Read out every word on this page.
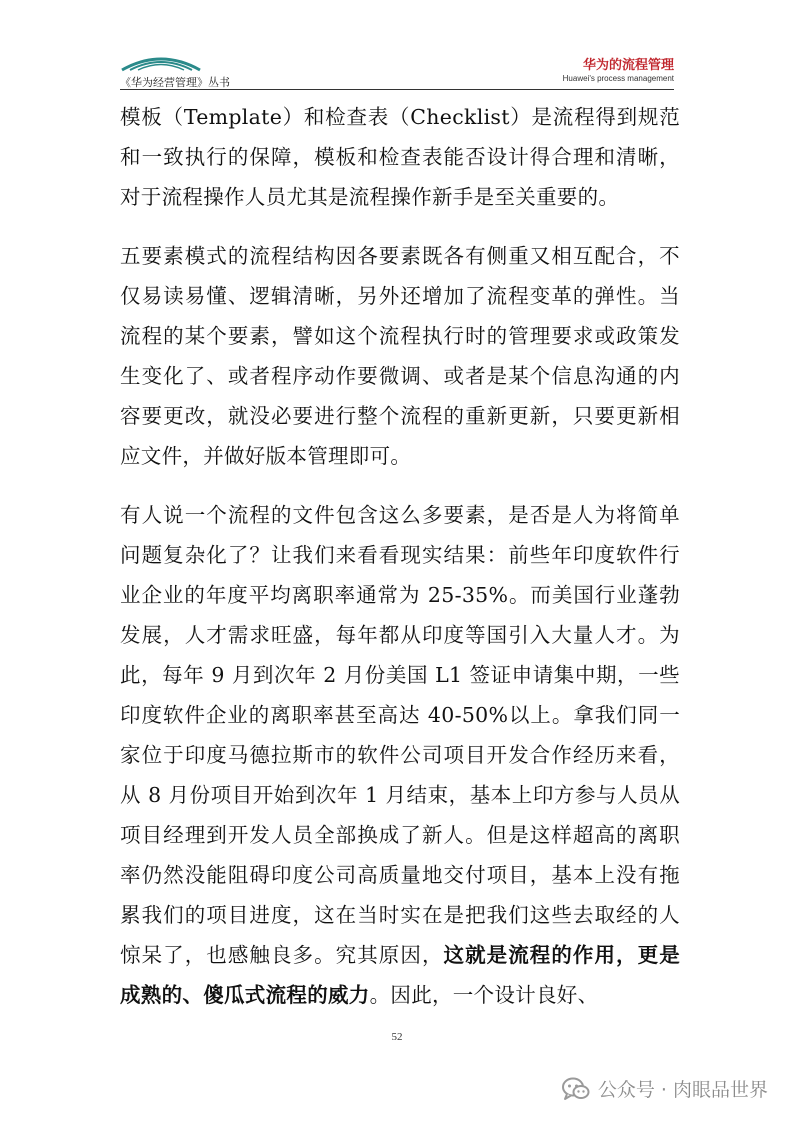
《华为经营管理》丛书
华为的流程管理
Huawei's process management

模板（Template）和检查表（Checklist）是流程得到规范和一致执行的保障，模板和检查表能否设计得合理和清晰，对于流程操作人员尤其是流程操作新手是至关重要的。

五要素模式的流程结构因各要素既各有侧重又相互配合，不仅易读易懂、逻辑清晰，另外还增加了流程变革的弹性。当流程的某个要素，譬如这个流程执行时的管理要求或政策发生变化了、或者程序动作要微调、或者是某个信息沟通的内容要更改，就没必要进行整个流程的重新更新，只要更新相应文件，并做好版本管理即可。

有人说一个流程的文件包含这么多要素，是否是人为将简单问题复杂化了？让我们来看看现实结果：前些年印度软件行业企业的年度平均离职率通常为 25-35%。而美国行业蓬勃发展，人才需求旺盛，每年都从印度等国引入大量人才。为此，每年 9 月到次年 2 月份美国 L1 签证申请集中期，一些印度软件企业的离职率甚至高达 40-50%以上。拿我们同一家位于印度马德拉斯市的软件公司项目开发合作经历来看，从 8 月份项目开始到次年 1 月结束，基本上印方参与人员从项目经理到开发人员全部换成了新人。但是这样超高的离职率仍然没能阻碍印度公司高质量地交付项目，基本上没有拖累我们的项目进度，这在当时实在是把我们这些去取经的人惊呆了，也感触良多。究其原因，这就是流程的作用，更是成熟的、傻瓜式流程的威力。因此，一个设计良好、

52
公众号 · 肉眼品世界
